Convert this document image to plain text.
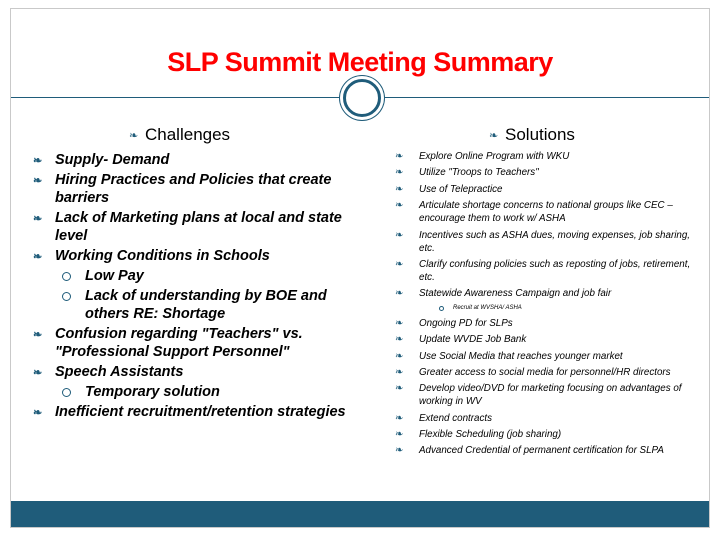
SLP Summit Meeting Summary
❧ Challenges	❧ Solutions
❧ Supply- Demand
❧ Hiring Practices and Policies that create barriers
❧ Lack of Marketing plans at local and state level
❧ Working Conditions in Schools
Low Pay
Lack of understanding by BOE and others RE: Shortage
❧ Confusion regarding "Teachers" vs. "Professional Support Personnel"
❧ Speech Assistants
Temporary solution
❧ Inefficient recruitment/retention strategies
❧	Explore Online Program with WKU
❧	Utilize "Troops to Teachers"
❧	Use of Telepractice
❧	Articulate shortage concerns to national groups like CEC – encourage them to work w/ ASHA
❧	Incentives such as ASHA dues, moving expenses, job sharing, etc.
❧	Clarify confusing policies such as reposting of jobs, retirement, etc.
❧	Statewide Awareness Campaign and job fair
Recruit at WVSHA/ ASHA
❧	Ongoing PD for SLPs
❧	Update WVDE Job Bank
❧	Use Social Media that reaches younger market
❧	Greater access to social media for personnel/HR directors
❧	Develop video/DVD for marketing focusing on advantages of working in WV
❧	Extend contracts
❧	Flexible Scheduling (job sharing)
❧	Advanced Credential of permanent certification for SLPA
